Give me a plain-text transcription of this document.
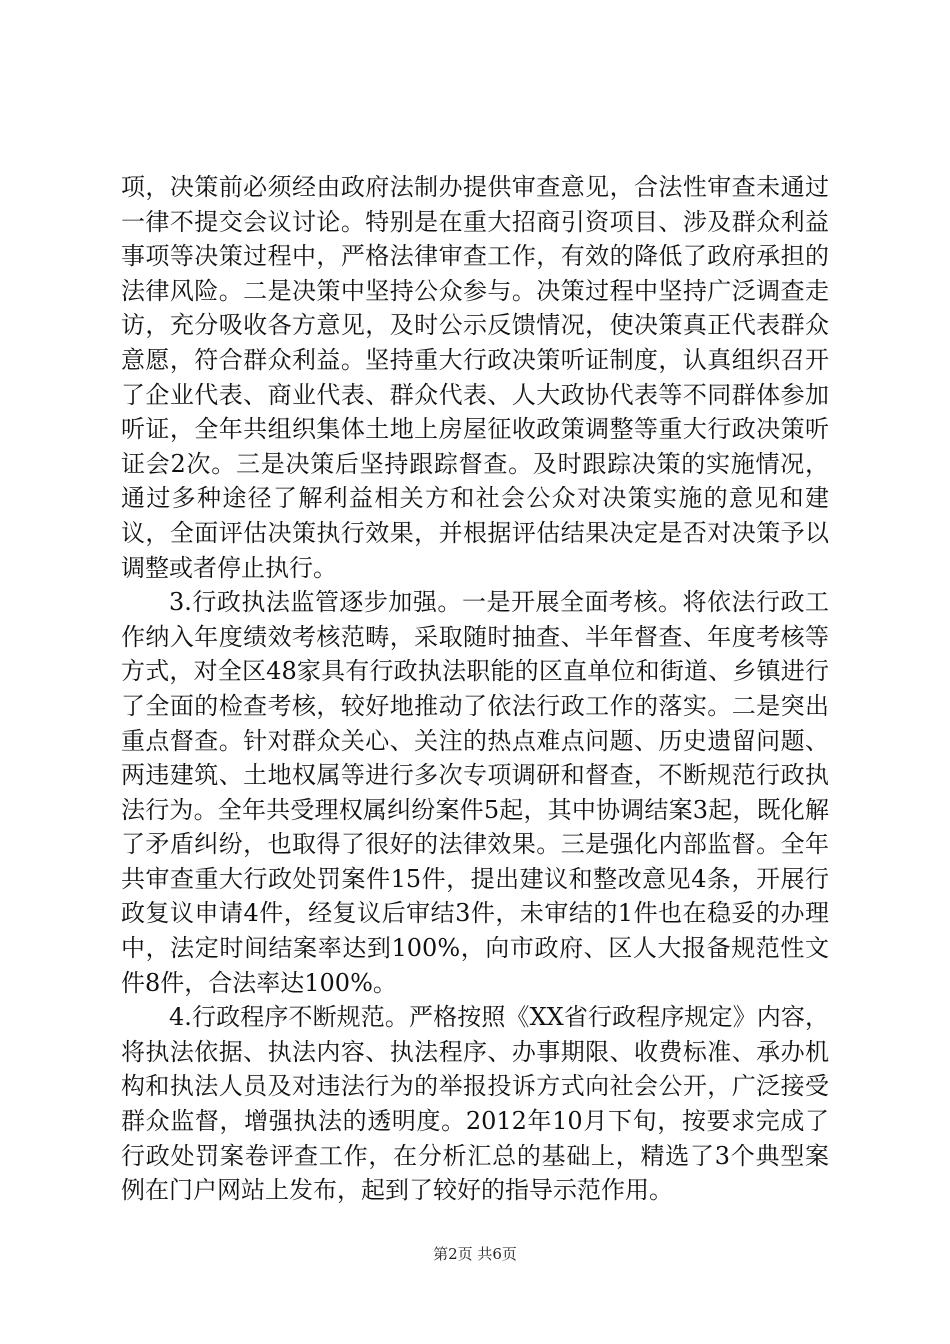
项，决策前必须经由政府法制办提供审查意见，合法性审查未通过一律不提交会议讨论。特别是在重大招商引资项目、涉及群众利益事项等决策过程中，严格法律审查工作，有效的降低了政府承担的法律风险。二是决策中坚持公众参与。决策过程中坚持广泛调查走访，充分吸收各方意见，及时公示反馈情况，使决策真正代表群众意愿，符合群众利益。坚持重大行政决策听证制度，认真组织召开了企业代表、商业代表、群众代表、人大政协代表等不同群体参加听证，全年共组织集体土地上房屋征收政策调整等重大行政决策听证会2次。三是决策后坚持跟踪督查。及时跟踪决策的实施情况，通过多种途径了解利益相关方和社会公众对决策实施的意见和建议，全面评估决策执行效果，并根据评估结果决定是否对决策予以调整或者停止执行。

3.行政执法监管逐步加强。一是开展全面考核。将依法行政工作纳入年度绩效考核范畴，采取随时抽查、半年督查、年度考核等方式，对全区48家具有行政执法职能的区直单位和街道、乡镇进行了全面的检查考核，较好地推动了依法行政工作的落实。二是突出重点督查。针对群众关心、关注的热点难点问题、历史遗留问题、两违建筑、土地权属等进行多次专项调研和督查，不断规范行政执法行为。全年共受理权属纠纷案件5起，其中协调结案3起，既化解了矛盾纠纷，也取得了很好的法律效果。三是强化内部监督。全年共审查重大行政处罚案件15件，提出建议和整改意见4条，开展行政复议申请4件，经复议后审结3件，未审结的1件也在稳妥的办理中，法定时间结案率达到100%，向市政府、区人大报备规范性文件8件，合法率达100%。

4.行政程序不断规范。严格按照《XX省行政程序规定》内容，将执法依据、执法内容、执法程序、办事期限、收费标准、承办机构和执法人员及对违法行为的举报投诉方式向社会公开，广泛接受群众监督，增强执法的透明度。2012年10月下旬，按要求完成了行政处罚案卷评查工作，在分析汇总的基础上，精选了3个典型案例在门户网站上发布，起到了较好的指导示范作用。

第2页 共6页
